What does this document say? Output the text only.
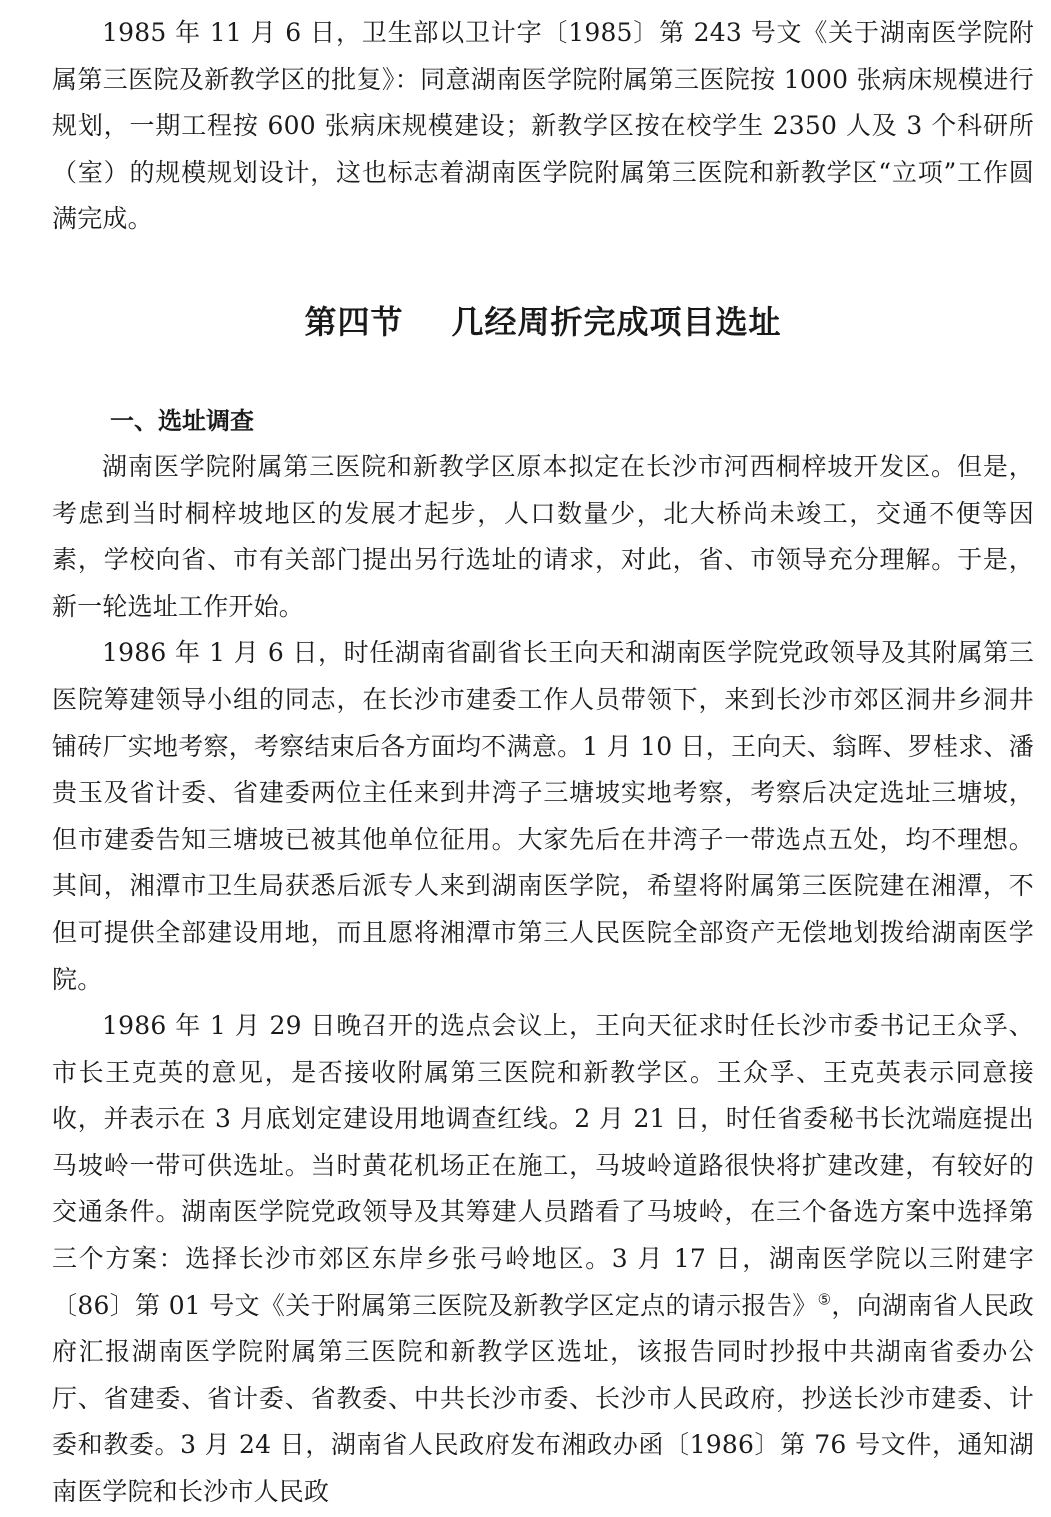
1985 年 11 月 6 日，卫生部以卫计字〔1985〕第 243 号文《关于湖南医学院附属第三医院及新教学区的批复》：同意湖南医学院附属第三医院按 1000 张病床规模进行规划，一期工程按 600 张病床规模建设；新教学区按在校学生 2350 人及 3 个科研所（室）的规模规划设计，这也标志着湖南医学院附属第三医院和新教学区“立项”工作圆满完成。

第四节 几经周折完成项目选址
一、选址调查

湖南医学院附属第三医院和新教学区原本拟定在长沙市河西桐梓坡开发区。但是，考虑到当时桐梓坡地区的发展才起步，人口数量少，北大桥尚未竣工，交通不便等因素，学校向省、市有关部门提出另行选址的请求，对此，省、市领导充分理解。于是，新一轮选址工作开始。

1986 年 1 月 6 日，时任湖南省副省长王向天和湖南医学院党政领导及其附属第三医院筹建领导小组的同志，在长沙市建委工作人员带领下，来到长沙市郊区洞井乡洞井铺砖厂实地考察，考察结束后各方面均不满意。1 月 10 日，王向天、翁晖、罗桂求、潘贵玉及省计委、省建委两位主任来到井湾子三塘坡实地考察，考察后决定选址三塘坡，但市建委告知三塘坡已被其他单位征用。大家先后在井湾子一带选点五处，均不理想。其间，湘潭市卫生局获悉后派专人来到湖南医学院，希望将附属第三医院建在湘潭，不但可提供全部建设用地，而且愿将湘潭市第三人民医院全部资产无偿地划拨给湖南医学院。

1986 年 1 月 29 日晚召开的选点会议上，王向天征求时任长沙市委书记王众孚、市长王克英的意见，是否接收附属第三医院和新教学区。王众孚、王克英表示同意接收，并表示在 3 月底划定建设用地调查红线。2 月 21 日，时任省委秘书长沈端庭提出马坡岭一带可供选址。当时黄花机场正在施工，马坡岭道路很快将扩建改建，有较好的交通条件。湖南医学院党政领导及其筹建人员踏看了马坡岭，在三个备选方案中选择第三个方案：选择长沙市郊区东岸乡张弓岭地区。3 月 17 日，湖南医学院以三附建字〔86〕第 01 号文《关于附属第三医院及新教学区定点的请示报告》⑤，向湖南省人民政府汇报湖南医学院附属第三医院和新教学区选址，该报告同时抄报中共湖南省委办公厅、省建委、省计委、省教委、中共长沙市委、长沙市人民政府，抄送长沙市建委、计委和教委。3 月 24 日，湖南省人民政府发布湘政办函〔1986〕第 76 号文件，通知湖南医学院和长沙市人民政
